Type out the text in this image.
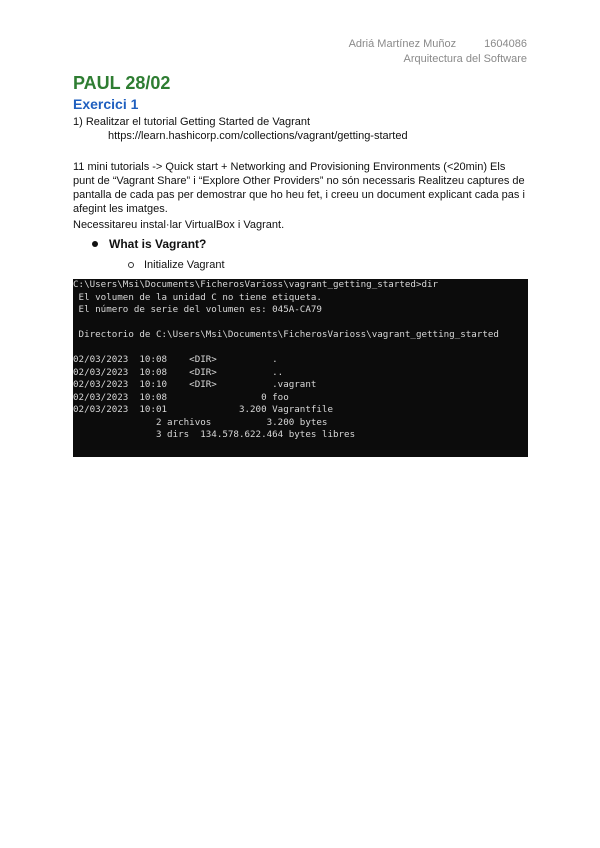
Adriá Martínez Muñoz	1604086
Arquitectura del Software
PAUL 28/02
Exercici 1
1) Realitzar el tutorial Getting Started de Vagrant
https://learn.hashicorp.com/collections/vagrant/getting-started
11 mini tutorials -> Quick start + Networking and Provisioning Environments (<20min) Els punt de “Vagrant Share” i “Explore Other Providers” no són necessaris Realitzeu captures de pantalla de cada pas per demostrar que ho heu fet, i creeu un document explicant cada pas i afegint les imatges.
Necessitareu instal·lar VirtualBox i Vagrant.
What is Vagrant?
Initialize Vagrant
C:\Users\Msi\Documents\FicherosVarioss\vagrant_getting_started>dir
El volumen de la unidad C no tiene etiqueta.
El número de serie del volumen es: 045A-CA79

Directorio de C:\Users\Msi\Documents\FicherosVarioss\vagrant_getting_started

02/03/2023  10:08    <DIR>          .
02/03/2023  10:08    <DIR>          ..
02/03/2023  10:10    <DIR>          .vagrant
02/03/2023  10:08                 0 foo
02/03/2023  10:01             3.200 Vagrantfile
2 archivos          3.200 bytes
3 dirs  134.578.622.464 bytes libres
